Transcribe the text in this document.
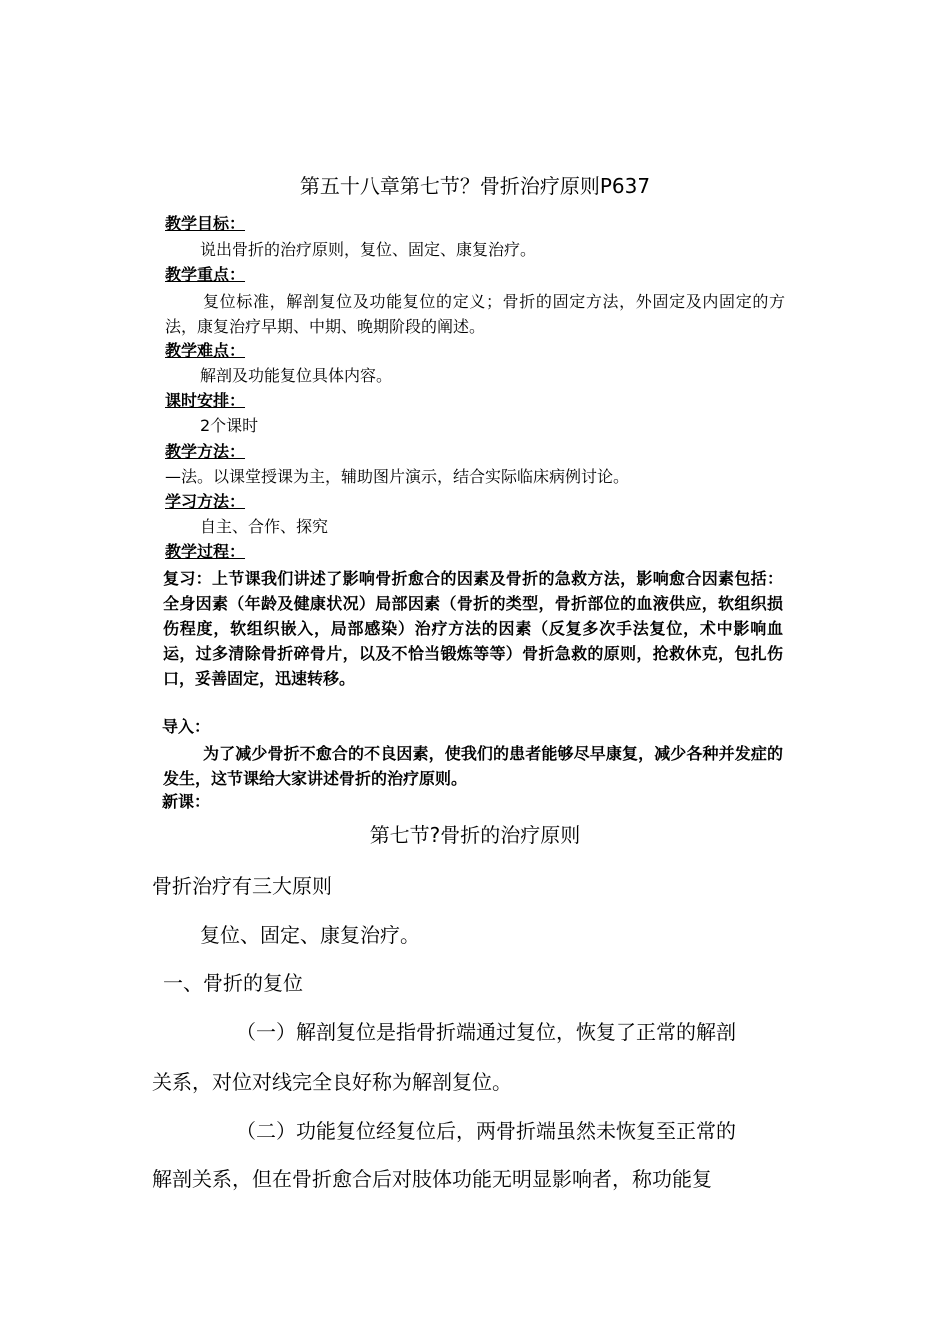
第五十八章第七节？骨折治疗原则P637
教学目标：
说出骨折的治疗原则，复位、固定、康复治疗。
教学重点：
复位标准，解剖复位及功能复位的定义；骨折的固定方法，外固定及内固定的方法，康复治疗早期、中期、晚期阶段的阐述。
教学难点：
解剖及功能复位具体内容。
课时安排：
2个课时
教学方法：
—法。以课堂授课为主，辅助图片演示，结合实际临床病例讨论。
学习方法：
自主、合作、探究
教学过程：
复习：上节课我们讲述了影响骨折愈合的因素及骨折的急救方法，影响愈合因素包括：全身因素（年龄及健康状况）局部因素（骨折的类型，骨折部位的血液供应，软组织损伤程度，软组织嵌入，局部感染）治疗方法的因素（反复多次手法复位，术中影响血运，过多清除骨折碎骨片，以及不恰当锻炼等等）骨折急救的原则，抢救休克，包扎伤口，妥善固定，迅速转移。
导入：
为了减少骨折不愈合的不良因素，使我们的患者能够尽早康复，减少各种并发症的发生，这节课给大家讲述骨折的治疗原则。
新课：
第七节?骨折的治疗原则
骨折治疗有三大原则
复位、固定、康复治疗。
一、骨折的复位
（一）解剖复位是指骨折端通过复位，恢复了正常的解剖
关系，对位对线完全良好称为解剖复位。
（二）功能复位经复位后，两骨折端虽然未恢复至正常的
解剖关系，但在骨折愈合后对肢体功能无明显影响者，称功能复
